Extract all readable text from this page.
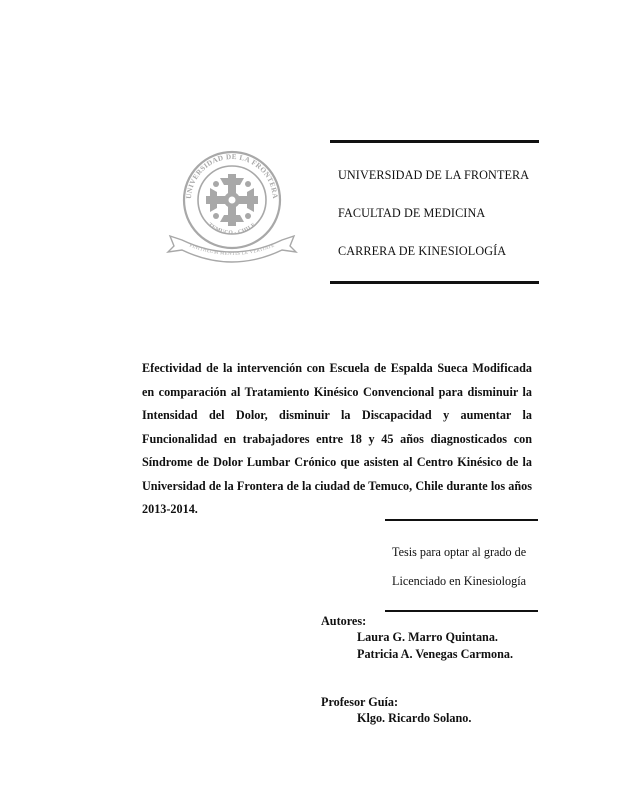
UNIVERSIDAD DE LA FRONTERA
TEMUCO - CHILE
FINITHEUM MENTIS LE VERITATE
UNIVERSIDAD DE LA FRONTERA
FACULTAD DE MEDICINA
CARRERA DE KINESIOLOGÍA
Efectividad de la intervención con Escuela de Espalda Sueca Modificada en comparación al Tratamiento Kinésico Convencional para disminuir la Intensidad del Dolor, disminuir la Discapacidad y aumentar la Funcionalidad en trabajadores entre 18 y 45 años diagnosticados con Síndrome de Dolor Lumbar Crónico que asisten al Centro Kinésico de la Universidad de la Frontera de la ciudad de Temuco, Chile durante los años 2013-2014.
Tesis para optar al grado de
Licenciado en Kinesiología
Autores:
Laura G. Marro Quintana.
Patricia A. Venegas Carmona.
Profesor Guía:
Klgo. Ricardo Solano.
